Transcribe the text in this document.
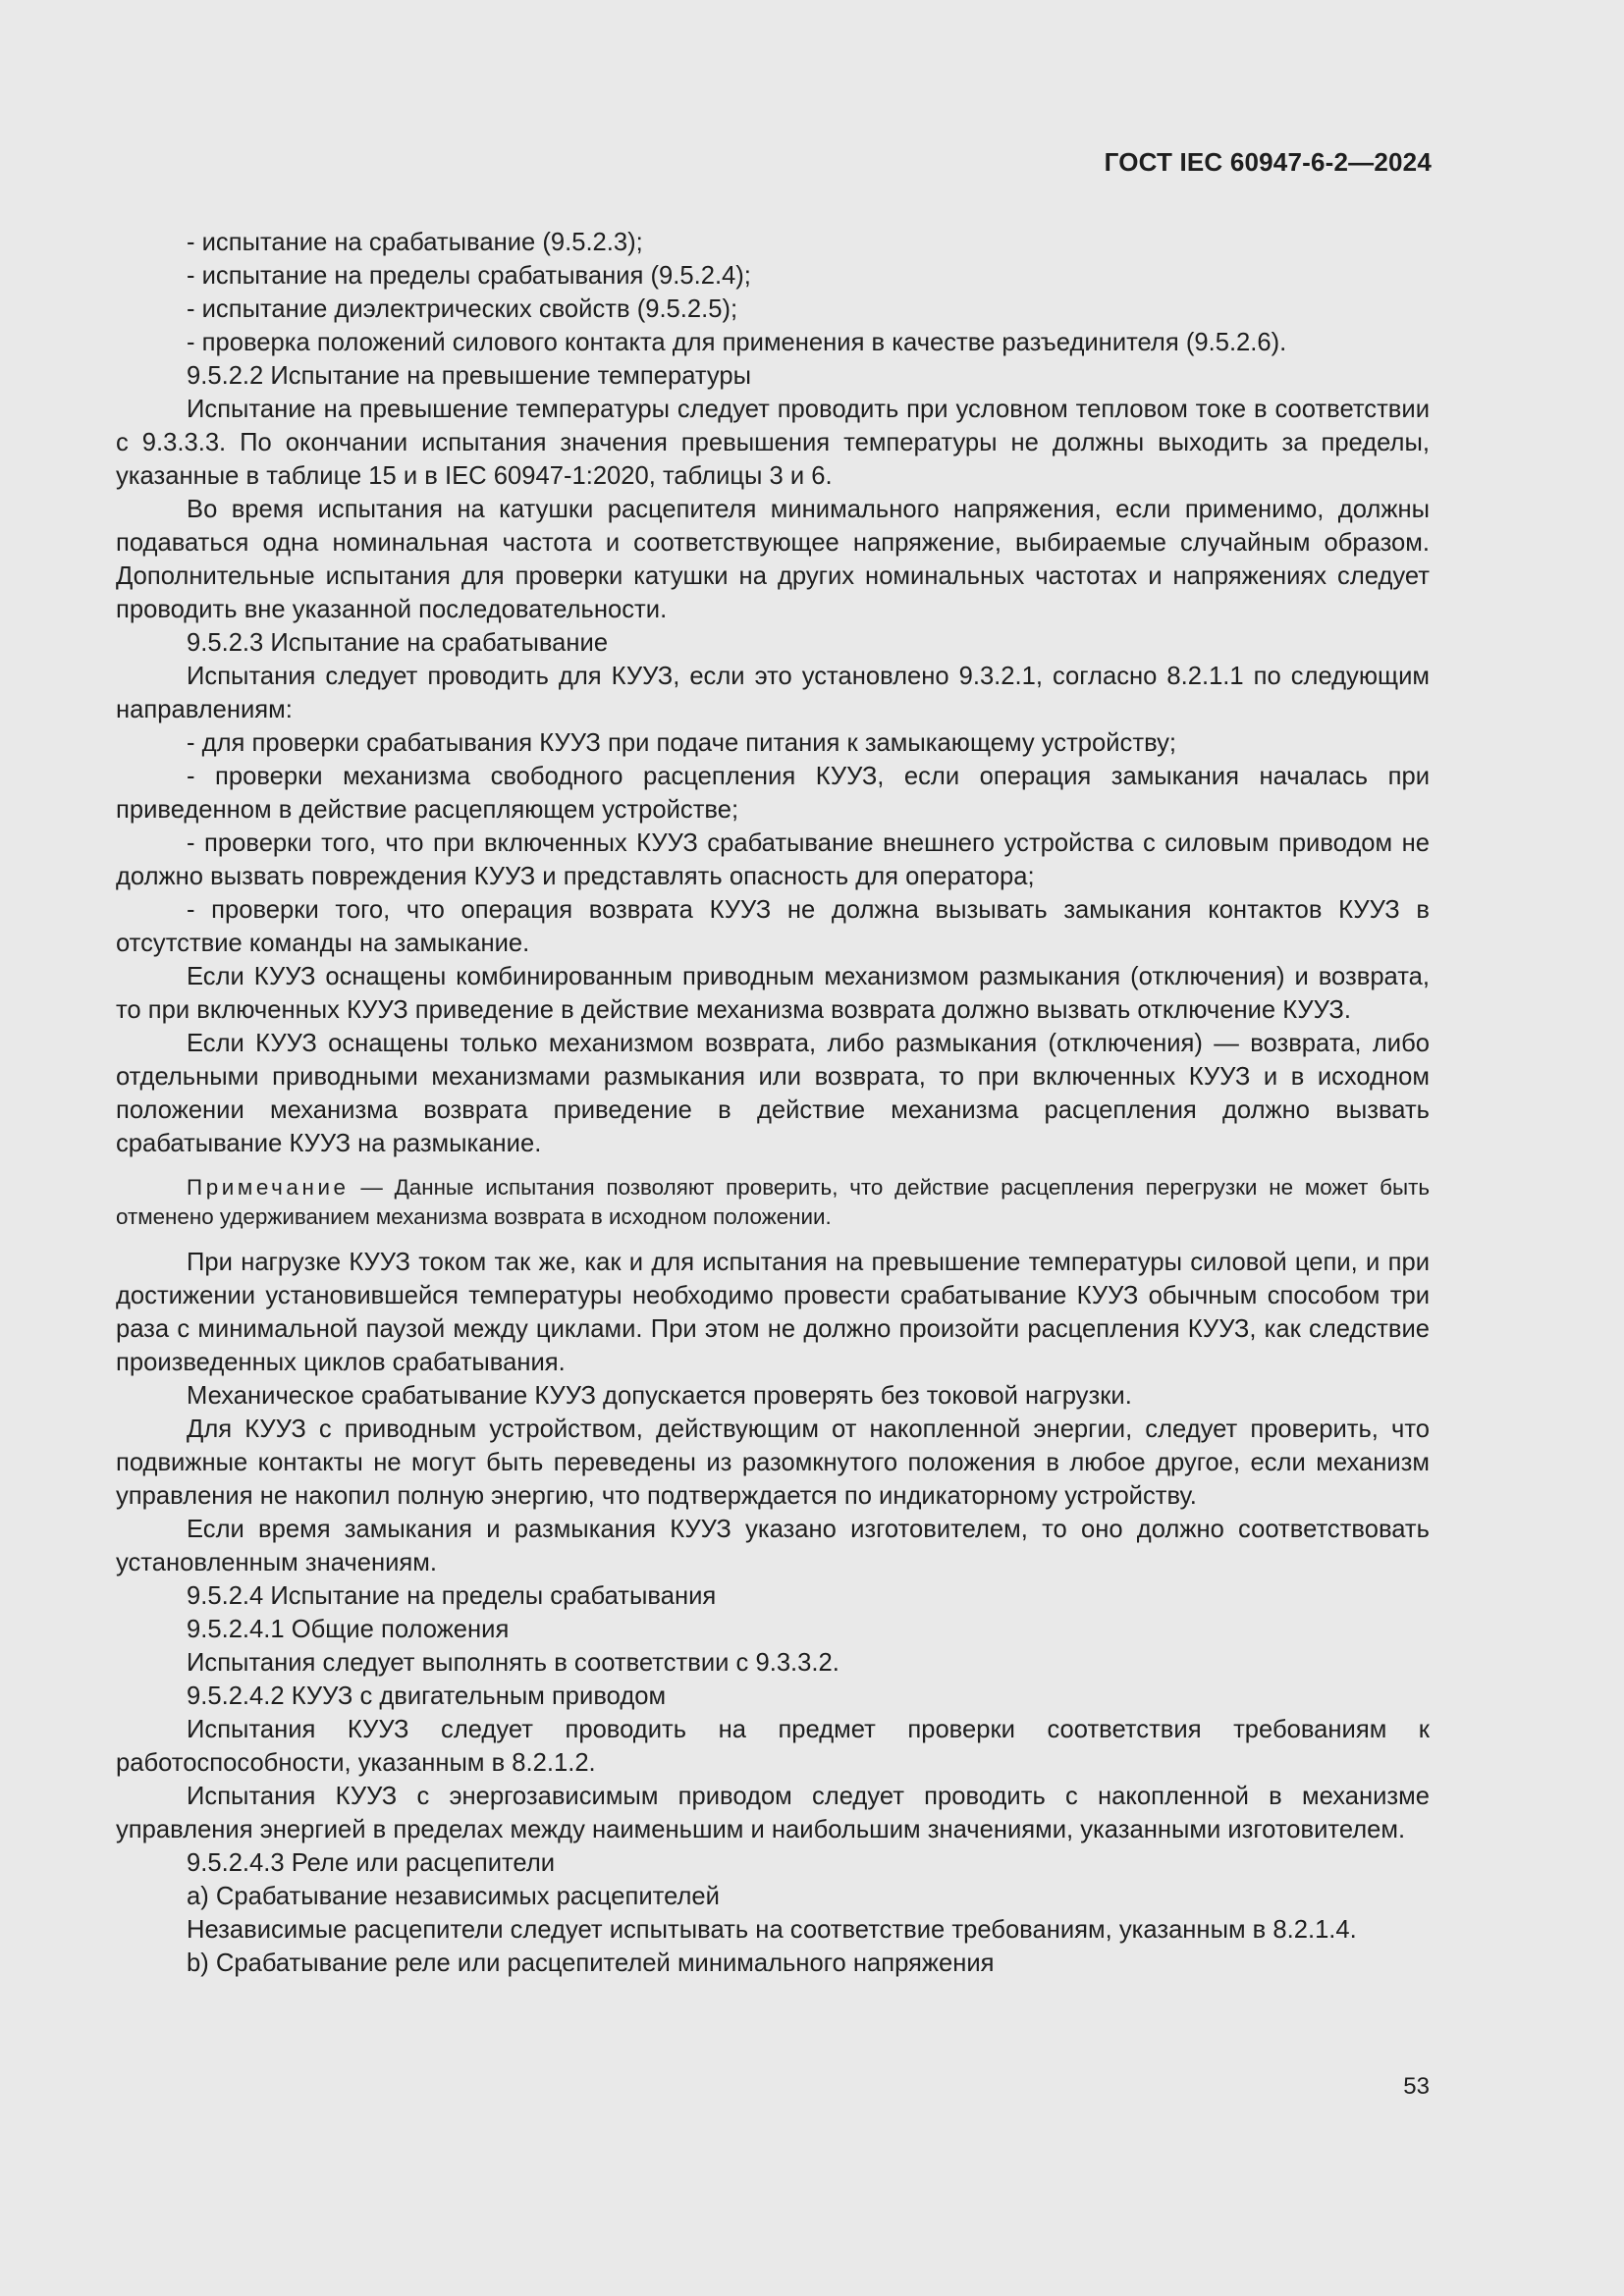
ГОСТ IEC 60947-6-2—2024

- испытание на срабатывание (9.5.2.3);

- испытание на пределы срабатывания (9.5.2.4);

- испытание диэлектрических свойств (9.5.2.5);

- проверка положений силового контакта для применения в качестве разъединителя (9.5.2.6).

9.5.2.2 Испытание на превышение температуры

Испытание на превышение температуры следует проводить при условном тепловом токе в соответствии с 9.3.3.3. По окончании испытания значения превышения температуры не должны выходить за пределы, указанные в таблице 15 и в IEC 60947-1:2020, таблицы 3 и 6.

Во время испытания на катушки расцепителя минимального напряжения, если применимо, должны подаваться одна номинальная частота и соответствующее напряжение, выбираемые случайным образом. Дополнительные испытания для проверки катушки на других номинальных частотах и напряжениях следует проводить вне указанной последовательности.

9.5.2.3 Испытание на срабатывание

Испытания следует проводить для КУУЗ, если это установлено 9.3.2.1, согласно 8.2.1.1 по следующим направлениям:

- для проверки срабатывания КУУЗ при подаче питания к замыкающему устройству;

- проверки механизма свободного расцепления КУУЗ, если операция замыкания началась при приведенном в действие расцепляющем устройстве;

- проверки того, что при включенных КУУЗ срабатывание внешнего устройства с силовым приводом не должно вызвать повреждения КУУЗ и представлять опасность для оператора;

- проверки того, что операция возврата КУУЗ не должна вызывать замыкания контактов КУУЗ в отсутствие команды на замыкание.

Если КУУЗ оснащены комбинированным приводным механизмом размыкания (отключения) и возврата, то при включенных КУУЗ приведение в действие механизма возврата должно вызвать отключение КУУЗ.

Если КУУЗ оснащены только механизмом возврата, либо размыкания (отключения) — возврата, либо отдельными приводными механизмами размыкания или возврата, то при включенных КУУЗ и в исходном положении механизма возврата приведение в действие механизма расцепления должно вызвать срабатывание КУУЗ на размыкание.

Примечание — Данные испытания позволяют проверить, что действие расцепления перегрузки не может быть отменено удерживанием механизма возврата в исходном положении.

При нагрузке КУУЗ током так же, как и для испытания на превышение температуры силовой цепи, и при достижении установившейся температуры необходимо провести срабатывание КУУЗ обычным способом три раза с минимальной паузой между циклами. При этом не должно произойти расцепления КУУЗ, как следствие произведенных циклов срабатывания.

Механическое срабатывание КУУЗ допускается проверять без токовой нагрузки.

Для КУУЗ с приводным устройством, действующим от накопленной энергии, следует проверить, что подвижные контакты не могут быть переведены из разомкнутого положения в любое другое, если механизм управления не накопил полную энергию, что подтверждается по индикаторному устройству.

Если время замыкания и размыкания КУУЗ указано изготовителем, то оно должно соответствовать установленным значениям.

9.5.2.4 Испытание на пределы срабатывания

9.5.2.4.1 Общие положения

Испытания следует выполнять в соответствии с 9.3.3.2.

9.5.2.4.2 КУУЗ с двигательным приводом

Испытания КУУЗ следует проводить на предмет проверки соответствия требованиям к работоспособности, указанным в 8.2.1.2.

Испытания КУУЗ с энергозависимым приводом следует проводить с накопленной в механизме управления энергией в пределах между наименьшим и наибольшим значениями, указанными изготовителем.

9.5.2.4.3 Реле или расцепители

a) Срабатывание независимых расцепителей

Независимые расцепители следует испытывать на соответствие требованиям, указанным в 8.2.1.4.

b) Срабатывание реле или расцепителей минимального напряжения

53
